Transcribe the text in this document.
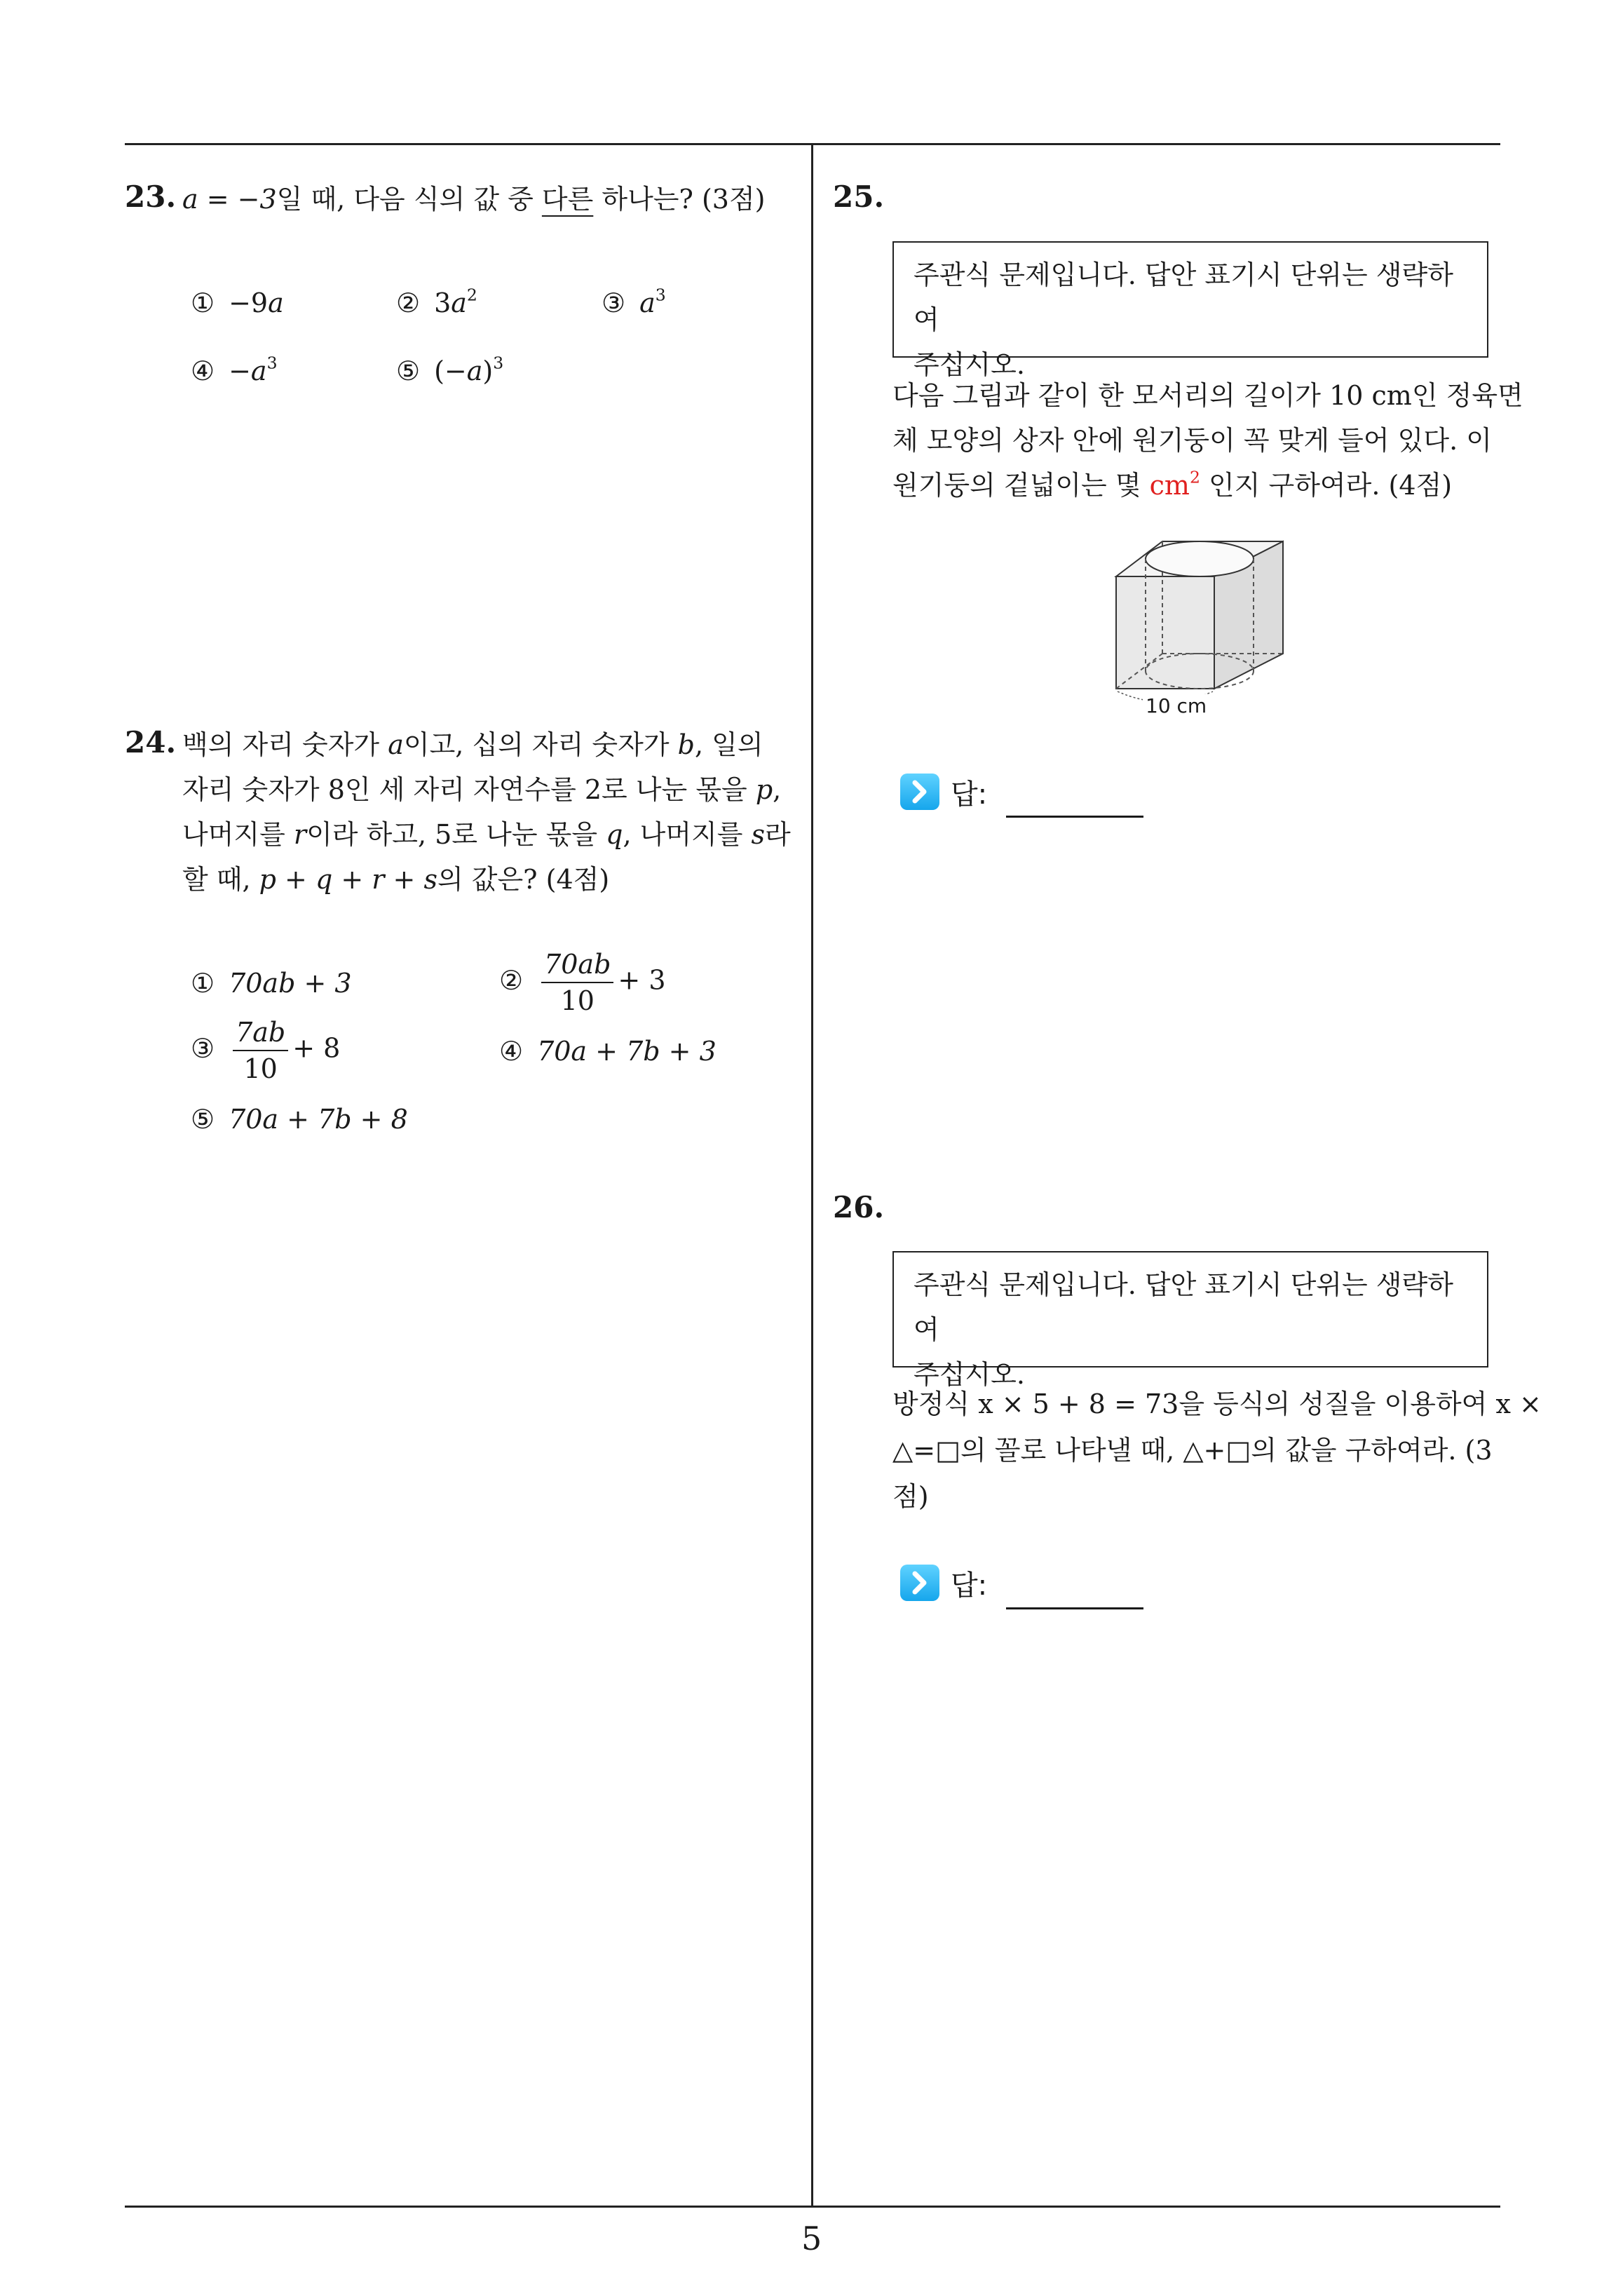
23. a = −3일 때, 다음 식의 값 중 다른 하나는? (3점)
① −9a	② $3a^2$	③ $a^3$
④ $-a^3$	⑤ $(-a)^3$
24. 백의 자리 숫자가 a이고, 십의 자리 숫자가 b, 일의
자리 숫자가 8인 세 자리 자연수를 2로 나눈 몫을 p,
나머지를 r이라 하고, 5로 나눈 몫을 q, 나머지를 s라
할 때, p + q + r + s의 값은? (4점)
① 70ab + 3	② $\frac{70ab}{10} + 3$
③ $\frac{7ab}{10} + 8$	④ 70a + 7b + 3
⑤ 70a + 7b + 8
25.
주관식 문제입니다. 답안 표기시 단위는 생략하여
주십시오.
다음 그림과 같이 한 모서리의 길이가 10 cm인 정육면
체 모양의 상자 안에 원기둥이 꼭 맞게 들어 있다. 이
원기둥의 겉넓이는 몇 $cm^2$ 인지 구하여라. (4점)
10 cm
답:
26.
주관식 문제입니다. 답안 표기시 단위는 생략하여
주십시오.
방정식 x × 5 + 8 = 73을 등식의 성질을 이용하여 x ×
△=□의 꼴로 나타낼 때, △+□의 값을 구하여라. (3
점)
답:
5
